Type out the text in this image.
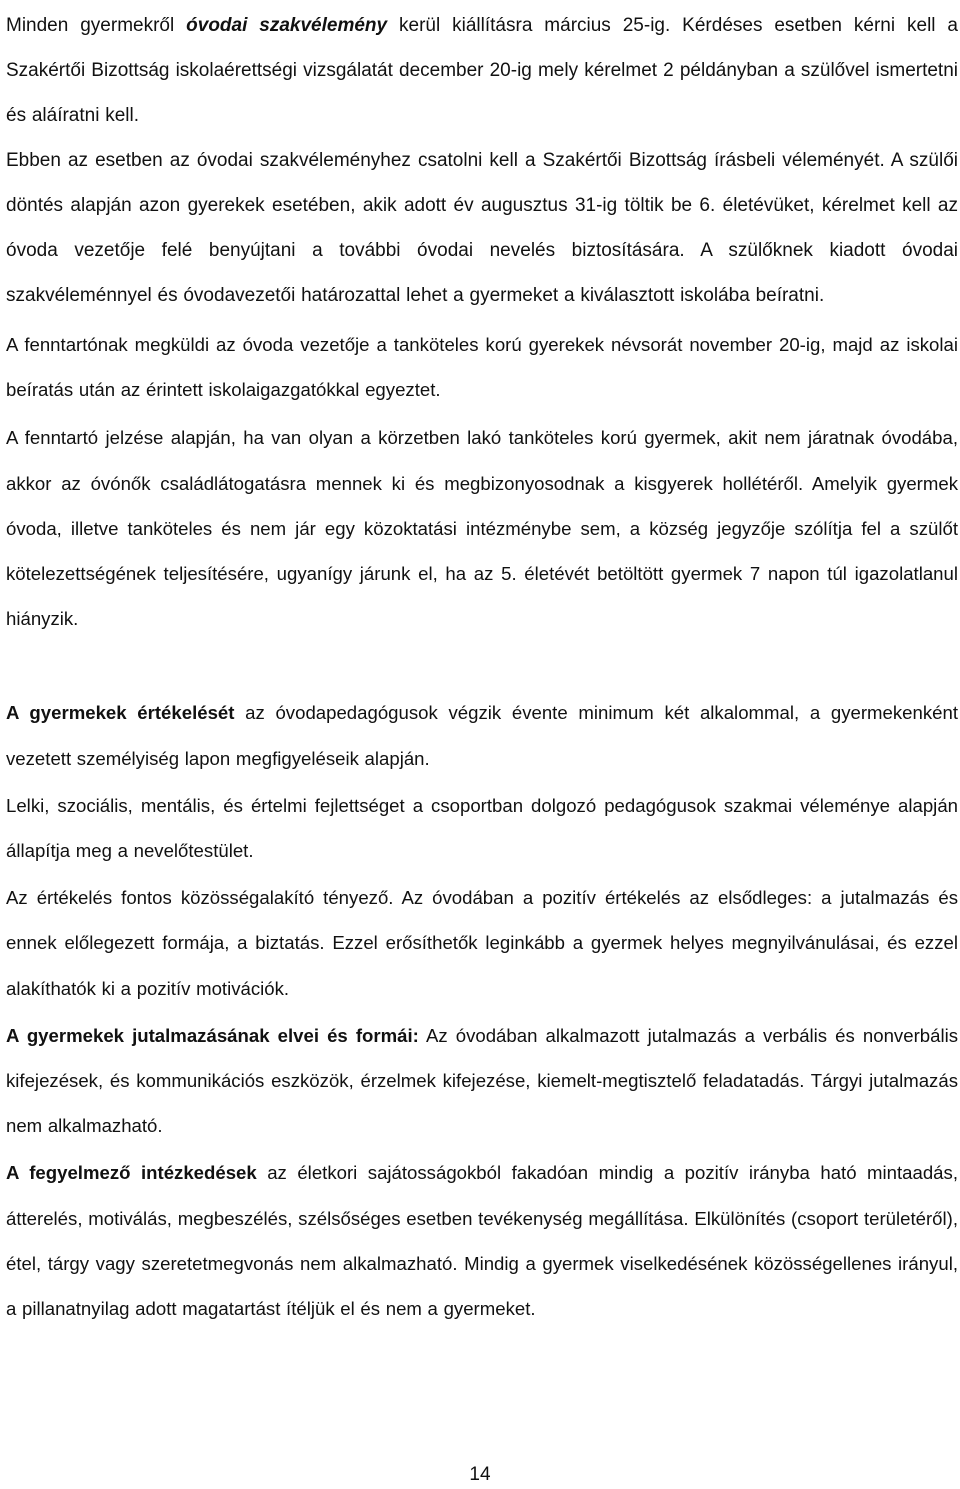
Minden gyermekről óvodai szakvélemény kerül kiállításra március 25-ig. Kérdéses esetben kérni kell a Szakértői Bizottság iskolaérettségi vizsgálatát december 20-ig mely kérelmet 2 példányban a szülővel ismertetni és aláíratni kell.

Ebben az esetben az óvodai szakvéleményhez csatolni kell a Szakértői Bizottság írásbeli véleményét. A szülői döntés alapján azon gyerekek esetében, akik adott év augusztus 31-ig töltik be 6. életévüket, kérelmet kell az óvoda vezetője felé benyújtani a további óvodai nevelés biztosítására. A szülőknek kiadott óvodai szakvéleménnyel és óvodavezetői határozattal lehet a gyermeket a kiválasztott iskolába beíratni.

A fenntartónak megküldi az óvoda vezetője a tanköteles korú gyerekek névsorát november 20-ig, majd az iskolai beíratás után az érintett iskolaigazgatókkal egyeztet.

A fenntartó jelzése alapján, ha van olyan a körzetben lakó tanköteles korú gyermek, akit nem járatnak óvodába, akkor az óvónők családlátogatásra mennek ki és megbizonyosodnak a kisgyerek hollétéről. Amelyik gyermek óvoda, illetve tanköteles és nem jár egy közoktatási intézménybe sem, a község jegyzője szólítja fel a szülőt kötelezettségének teljesítésére, ugyanígy járunk el, ha az 5. életévét betöltött gyermek 7 napon túl igazolatlanul hiányzik.

A gyermekek értékelését az óvodapedagógusok végzik évente minimum két alkalommal, a gyermekenként vezetett személyiség lapon megfigyeléseik alapján.

Lelki, szociális, mentális, és értelmi fejlettséget a csoportban dolgozó pedagógusok szakmai véleménye alapján állapítja meg a nevelőtestület.

Az értékelés fontos közösségalakító tényező. Az óvodában a pozitív értékelés az elsődleges: a jutalmazás és ennek előlegezett formája, a biztatás. Ezzel erősíthetők leginkább a gyermek helyes megnyilvánulásai, és ezzel alakíthatók ki a pozitív motivációk.

A gyermekek jutalmazásának elvei és formái: Az óvodában alkalmazott jutalmazás a verbális és nonverbális kifejezések, és kommunikációs eszközök, érzelmek kifejezése, kiemelt-megtisztelő feladatadás. Tárgyi jutalmazás nem alkalmazható.

A fegyelmező intézkedések az életkori sajátosságokból fakadóan mindig a pozitív irányba ható mintaadás, átterelés, motiválás, megbeszélés, szélsőséges esetben tevékenység megállítása. Elkülönítés (csoport területéről), étel, tárgy vagy szeretetmegvonás nem alkalmazható. Mindig a gyermek viselkedésének közösségellenes irányul, a pillanatnyilag adott magatartást ítéljük el és nem a gyermeket.

14
